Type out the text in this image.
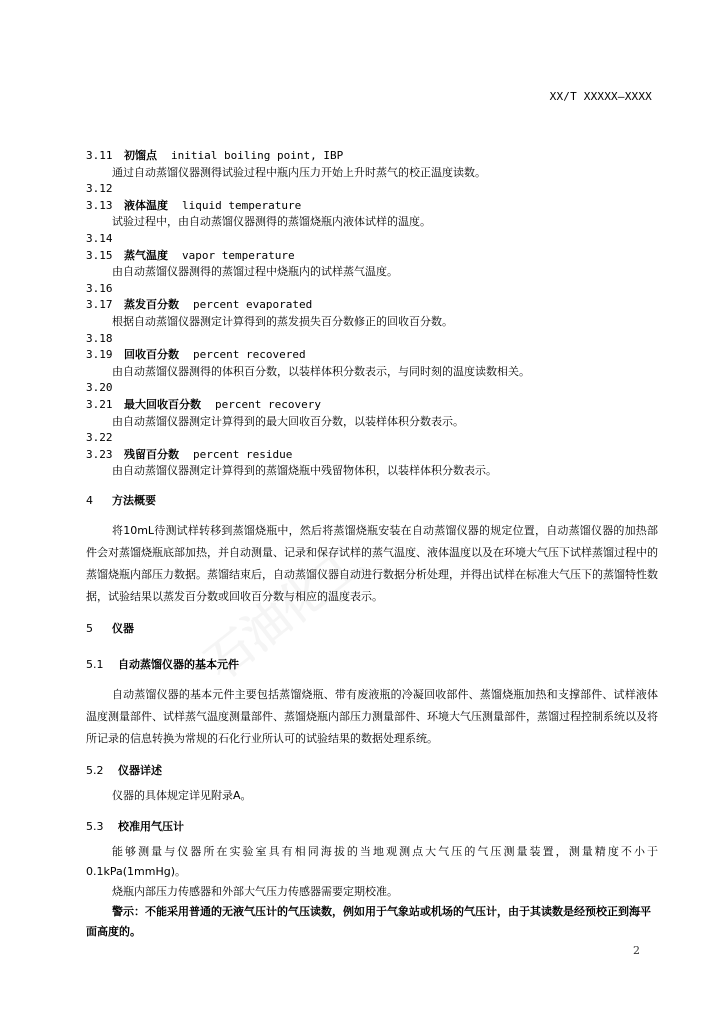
XX/T XXXXX—XXXX
3.11 初馏点 initial boiling point, IBP
通过自动蒸馏仪器测得试验过程中瓶内压力开始上升时蒸气的校正温度读数。
3.12
3.13 液体温度 liquid temperature
试验过程中，由自动蒸馏仪器测得的蒸馏烧瓶内液体试样的温度。
3.14
3.15 蒸气温度 vapor temperature
由自动蒸馏仪器测得的蒸馏过程中烧瓶内的试样蒸气温度。
3.16
3.17 蒸发百分数 percent evaporated
根据自动蒸馏仪器测定计算得到的蒸发损失百分数修正的回收百分数。
3.18
3.19 回收百分数 percent recovered
由自动蒸馏仪器测得的体积百分数，以装样体积分数表示，与同时刻的温度读数相关。
3.20
3.21 最大回收百分数 percent recovery
由自动蒸馏仪器测定计算得到的最大回收百分数，以装样体积分数表示。
3.22
3.23 残留百分数 percent residue
由自动蒸馏仪器测定计算得到的蒸馏烧瓶中残留物体积，以装样体积分数表示。
4 方法概要
将10mL待测试样转移到蒸馏烧瓶中，然后将蒸馏烧瓶安装在自动蒸馏仪器的规定位置，自动蒸馏仪器的加热部件会对蒸馏烧瓶底部加热，并自动测量、记录和保存试样的蒸气温度、液体温度以及在环境大气压下试样蒸馏过程中的蒸馏烧瓶内部压力数据。蒸馏结束后，自动蒸馏仪器自动进行数据分析处理，并得出试样在标准大气压下的蒸馏特性数据，试验结果以蒸发百分数或回收百分数与相应的温度表示。
5 仪器
5.1 自动蒸馏仪器的基本元件
自动蒸馏仪器的基本元件主要包括蒸馏烧瓶、带有废液瓶的冷凝回收部件、蒸馏烧瓶加热和支撑部件、试样液体温度测量部件、试样蒸气温度测量部件、蒸馏烧瓶内部压力测量部件、环境大气压测量部件，蒸馏过程控制系统以及将所记录的信息转换为常规的石化行业所认可的试验结果的数据处理系统。
5.2 仪器详述
仪器的具体规定详见附录A。
5.3 校准用气压计
能够测量与仪器所在实验室具有相同海拔的当地观测点大气压的气压测量装置，测量精度不小于0.1kPa(1mmHg)。
烧瓶内部压力传感器和外部大气压力传感器需要定期校准。
警示：不能采用普通的无液气压计的气压读数，例如用于气象站或机场的气压计，由于其读数是经预校正到海平面高度的。
2
